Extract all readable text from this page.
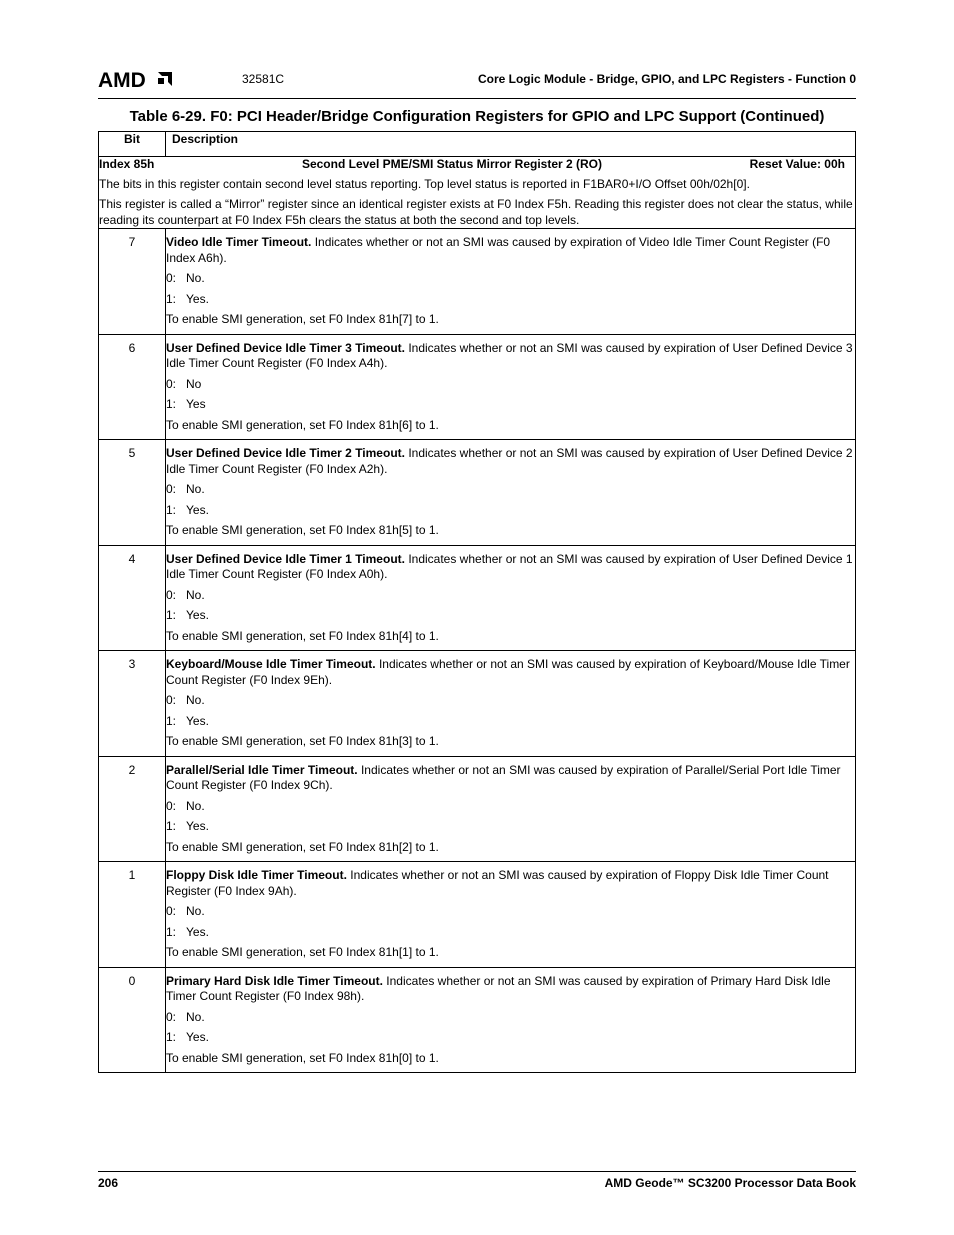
AMD	32581C	Core Logic Module - Bridge, GPIO, and LPC Registers - Function 0
Table 6-29. F0: PCI Header/Bridge Configuration Registers for GPIO and LPC Support (Continued)
Bit	Description

Index 85h Second Level PME/SMI Status Mirror Register 2 (RO) Reset Value: 00h

The bits in this register contain second level status reporting. Top level status is reported in F1BAR0+I/O Offset 00h/02h[0].

This register is called a “Mirror” register since an identical register exists at F0 Index F5h. Reading this register does not clear the status, while reading its counterpart at F0 Index F5h clears the status at both the second and top levels.	

7	Video Idle Timer Timeout. Indicates whether or not an SMI was caused by expiration of Video Idle Timer Count Register (F0 Index A6h).

0: No.

1: Yes.

To enable SMI generation, set F0 Index 81h[7] to 1.

6	User Defined Device Idle Timer 3 Timeout. Indicates whether or not an SMI was caused by expiration of User Defined Device 3 Idle Timer Count Register (F0 Index A4h).

0: No

1: Yes

To enable SMI generation, set F0 Index 81h[6] to 1.

5	User Defined Device Idle Timer 2 Timeout. Indicates whether or not an SMI was caused by expiration of User Defined Device 2 Idle Timer Count Register (F0 Index A2h).

0: No.

1: Yes.

To enable SMI generation, set F0 Index 81h[5] to 1.

4	User Defined Device Idle Timer 1 Timeout. Indicates whether or not an SMI was caused by expiration of User Defined Device 1 Idle Timer Count Register (F0 Index A0h).

0: No.

1: Yes.

To enable SMI generation, set F0 Index 81h[4] to 1.

3	Keyboard/Mouse Idle Timer Timeout. Indicates whether or not an SMI was caused by expiration of Keyboard/Mouse Idle Timer Count Register (F0 Index 9Eh).

0: No.

1: Yes.

To enable SMI generation, set F0 Index 81h[3] to 1.

2	Parallel/Serial Idle Timer Timeout. Indicates whether or not an SMI was caused by expiration of Parallel/Serial Port Idle Timer Count Register (F0 Index 9Ch).

0: No.

1: Yes.

To enable SMI generation, set F0 Index 81h[2] to 1.

1	Floppy Disk Idle Timer Timeout. Indicates whether or not an SMI was caused by expiration of Floppy Disk Idle Timer Count Register (F0 Index 9Ah).

0: No.

1: Yes.

To enable SMI generation, set F0 Index 81h[1] to 1.

0	Primary Hard Disk Idle Timer Timeout. Indicates whether or not an SMI was caused by expiration of Primary Hard Disk Idle Timer Count Register (F0 Index 98h).

0: No.

1: Yes.

To enable SMI generation, set F0 Index 81h[0] to 1.

206	AMD Geode™ SC3200 Processor Data Book
